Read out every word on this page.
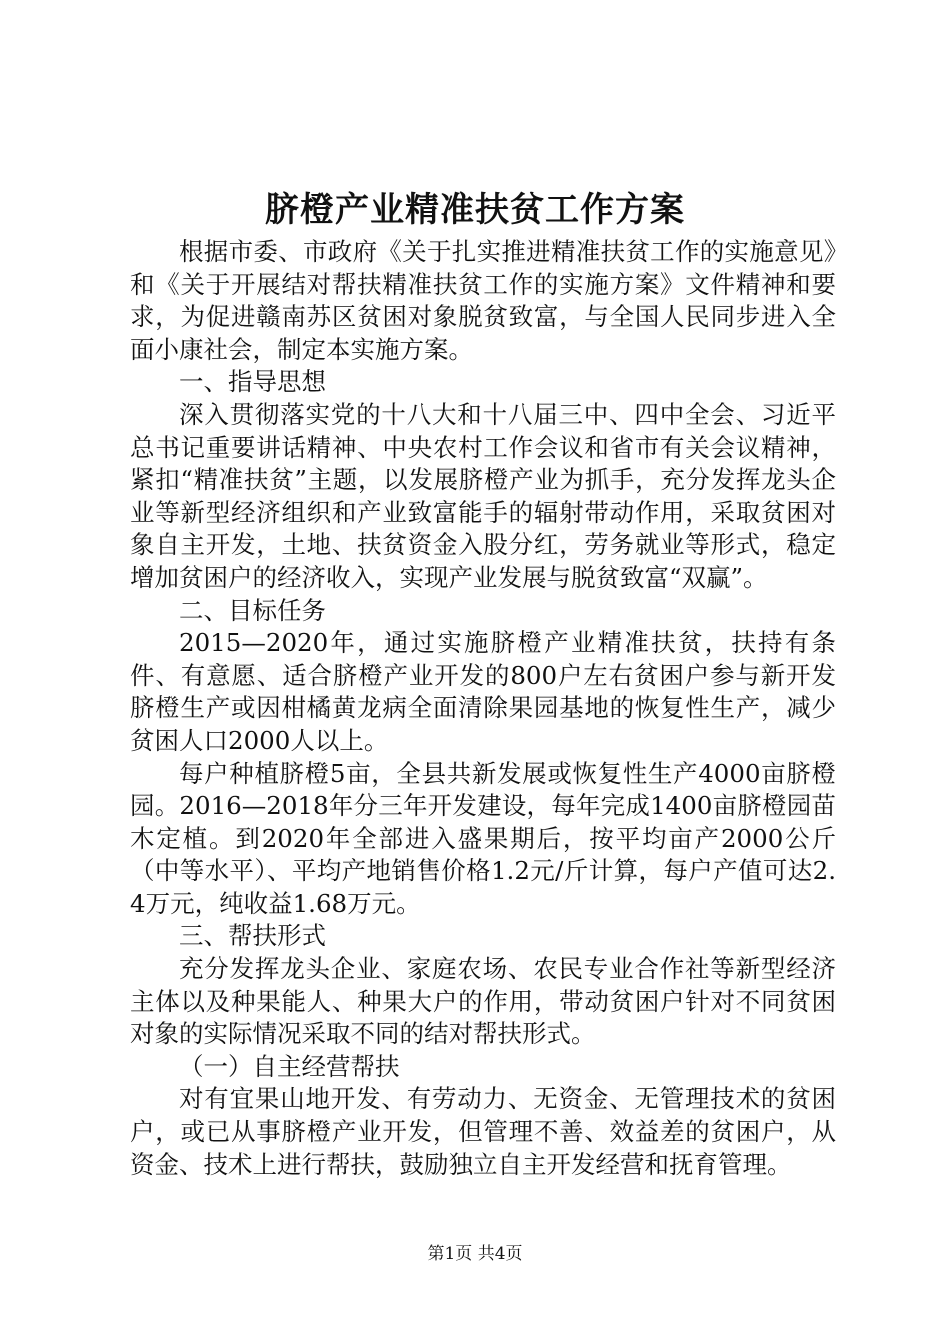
脐橙产业精准扶贫工作方案

根据市委、市政府《关于扎实推进精准扶贫工作的实施意见》和《关于开展结对帮扶精准扶贫工作的实施方案》文件精神和要求，为促进赣南苏区贫困对象脱贫致富，与全国人民同步进入全面小康社会，制定本实施方案。

一、指导思想

深入贯彻落实党的十八大和十八届三中、四中全会、习近平总书记重要讲话精神、中央农村工作会议和省市有关会议精神，紧扣“精准扶贫”主题，以发展脐橙产业为抓手，充分发挥龙头企业等新型经济组织和产业致富能手的辐射带动作用，采取贫困对象自主开发，土地、扶贫资金入股分红，劳务就业等形式，稳定增加贫困户的经济收入，实现产业发展与脱贫致富“双赢”。

二、目标任务

2015—2020年，通过实施脐橙产业精准扶贫，扶持有条件、有意愿、适合脐橙产业开发的800户左右贫困户参与新开发脐橙生产或因柑橘黄龙病全面清除果园基地的恢复性生产，减少贫困人口2000人以上。

每户种植脐橙5亩，全县共新发展或恢复性生产4000亩脐橙园。2016—2018年分三年开发建设，每年完成1400亩脐橙园苗木定植。到2020年全部进入盛果期后，按平均亩产2000公斤（中等水平）、平均产地销售价格1.2元/斤计算，每户产值可达2.4万元，纯收益1.68万元。

三、帮扶形式

充分发挥龙头企业、家庭农场、农民专业合作社等新型经济主体以及种果能人、种果大户的作用，带动贫困户针对不同贫困对象的实际情况采取不同的结对帮扶形式。

（一）自主经营帮扶

对有宜果山地开发、有劳动力、无资金、无管理技术的贫困户，或已从事脐橙产业开发，但管理不善、效益差的贫困户，从资金、技术上进行帮扶，鼓励独立自主开发经营和抚育管理。

第1页 共4页
